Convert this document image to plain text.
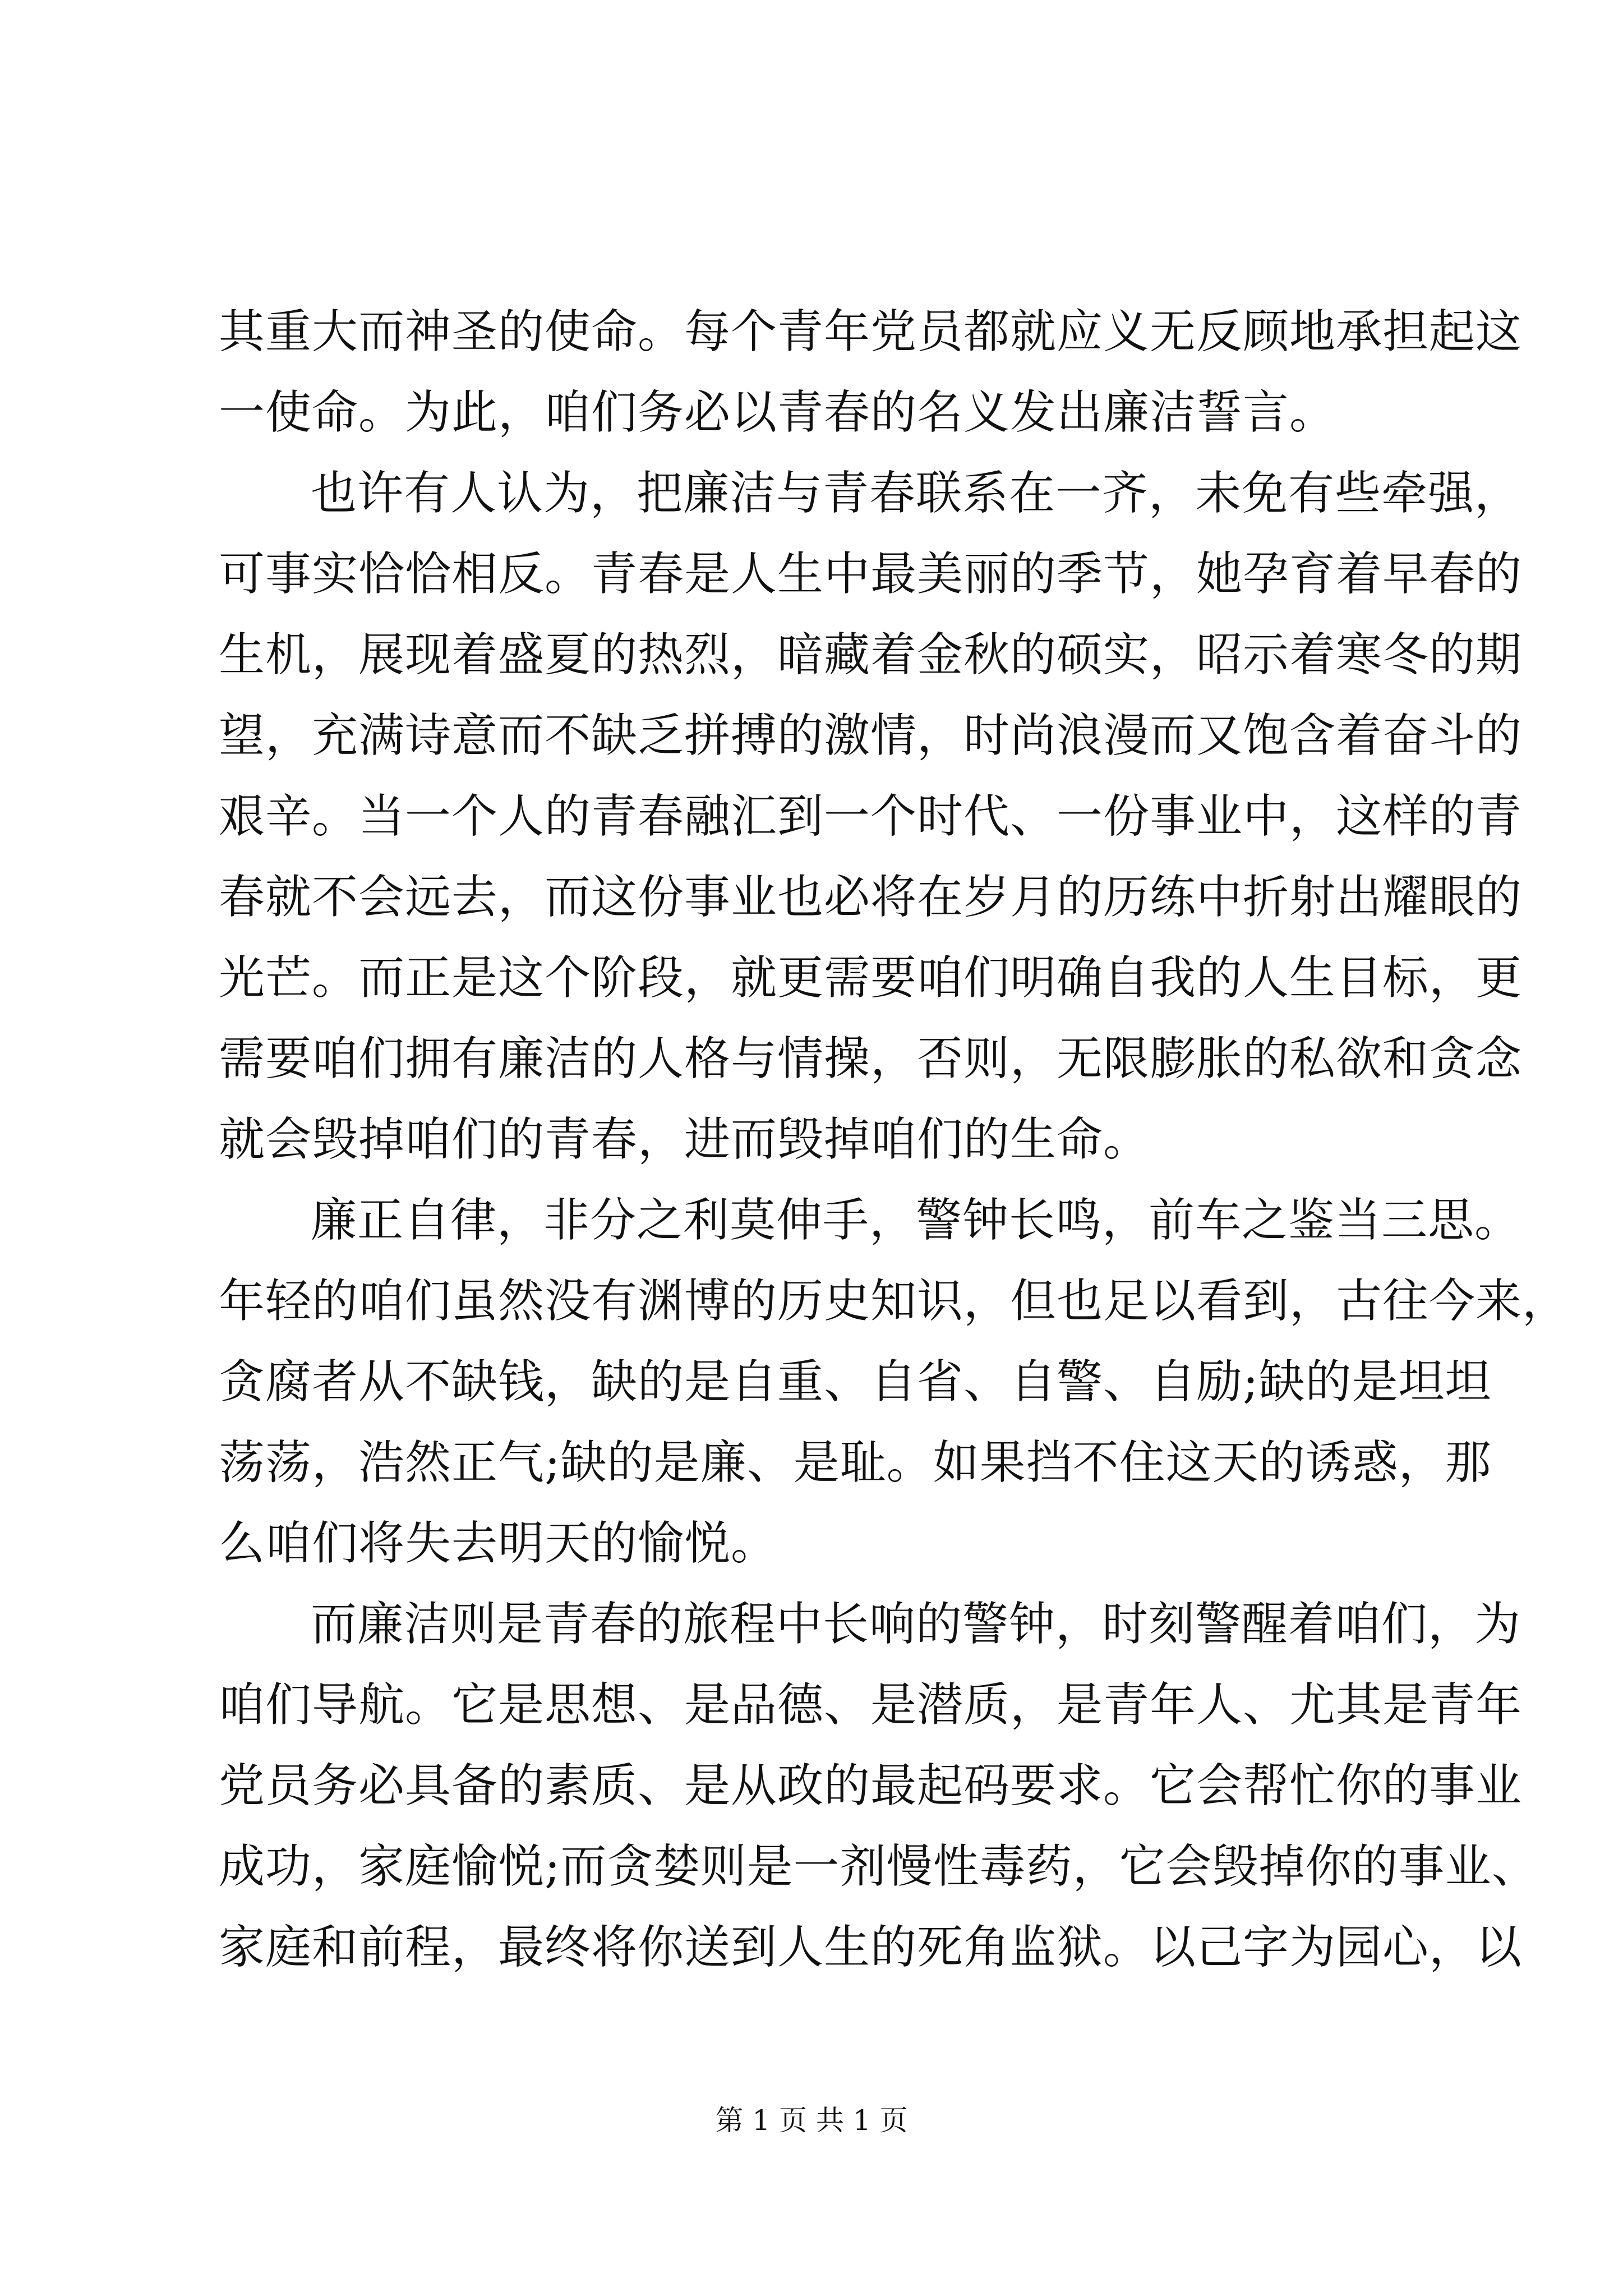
其重大而神圣的使命。每个青年党员都就应义无反顾地承担起这
一使命。为此，咱们务必以青春的名义发出廉洁誓言。
也许有人认为，把廉洁与青春联系在一齐，未免有些牵强，
可事实恰恰相反。青春是人生中最美丽的季节，她孕育着早春的
生机，展现着盛夏的热烈，暗藏着金秋的硕实，昭示着寒冬的期
望，充满诗意而不缺乏拼搏的激情，时尚浪漫而又饱含着奋斗的
艰辛。当一个人的青春融汇到一个时代、一份事业中，这样的青
春就不会远去，而这份事业也必将在岁月的历练中折射出耀眼的
光芒。而正是这个阶段，就更需要咱们明确自我的人生目标，更
需要咱们拥有廉洁的人格与情操，否则，无限膨胀的私欲和贪念
就会毁掉咱们的青春，进而毁掉咱们的生命。
廉正自律，非分之利莫伸手，警钟长鸣，前车之鉴当三思。
年轻的咱们虽然没有渊博的历史知识，但也足以看到，古往今来，
贪腐者从不缺钱，缺的是自重、自省、自警、自励;缺的是坦坦
荡荡，浩然正气;缺的是廉、是耻。如果挡不住这天的诱惑，那
么咱们将失去明天的愉悦。
而廉洁则是青春的旅程中长响的警钟，时刻警醒着咱们，为
咱们导航。它是思想、是品德、是潜质，是青年人、尤其是青年
党员务必具备的素质、是从政的最起码要求。它会帮忙你的事业
成功，家庭愉悦;而贪婪则是一剂慢性毒药，它会毁掉你的事业、
家庭和前程，最终将你送到人生的死角监狱。以己字为园心，以
第 1 页 共 1 页
